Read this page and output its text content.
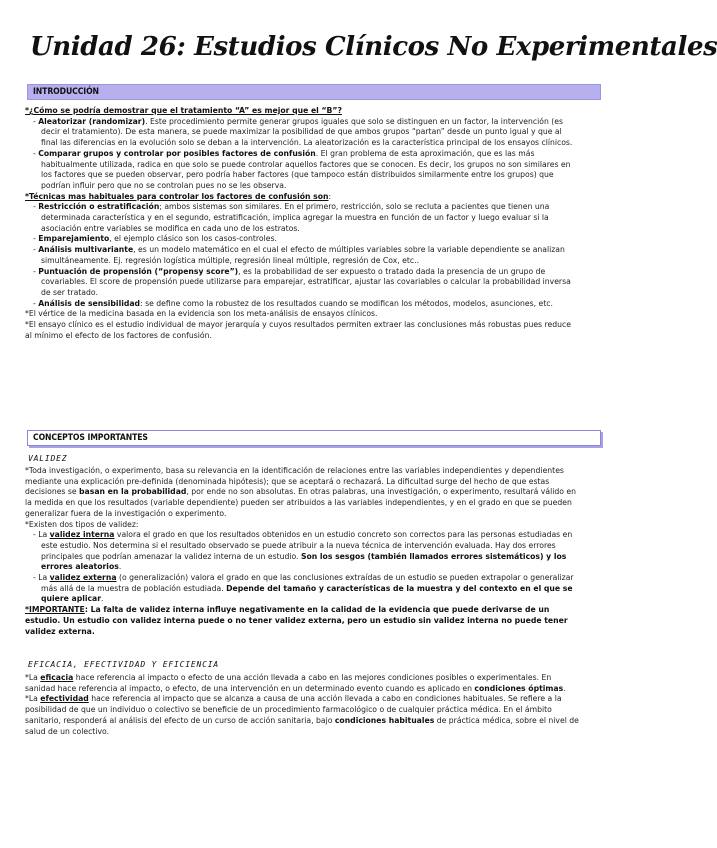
Unidad 26: Estudios Clínicos No Experimentales
INTRODUCCIÓN

*¿Cómo se podría demostrar que el tratamiento “A” es mejor que el “B”?

- Aleatorizar (randomizar). Este procedimiento permite generar grupos iguales que solo se distinguen en un factor, la intervención (es decir el tratamiento). De esta manera, se puede maximizar la posibilidad de que ambos grupos “partan” desde un punto igual y que al final las diferencias en la evolución solo se deban a la intervención. La aleatorización es la característica principal de los ensayos clínicos.

- Comparar grupos y controlar por posibles factores de confusión. El gran problema de esta aproximación, que es las más habitualmente utilizada, radica en que solo se puede controlar aquellos factores que se conocen. Es decir, los grupos no son similares en los factores que se pueden observar, pero podría haber factores (que tampoco están distribuidos similarmente entre los grupos) que podrían influir pero que no se controlan pues no se les observa.

*Técnicas mas habituales para controlar los factores de confusión son:

- Restricción o estratificación; ambos sistemas son similares. En el primero, restricción, solo se recluta a pacientes que tienen una determinada característica y en el segundo, estratificación, implica agregar la muestra en función de un factor y luego evaluar si la asociación entre variables se modifica en cada uno de los estratos.

- Emparejamiento, el ejemplo clásico son los casos-controles.

- Análisis multivariante, es un modelo matemático en el cual el efecto de múltiples variables sobre la variable dependiente se analizan simultáneamente. Ej. regresión logística múltiple, regresión lineal múltiple, regresión de Cox, etc..

- Puntuación de propensión (“propensy score”), es la probabilidad de ser expuesto o tratado dada la presencia de un grupo de covariables. El score de propensión puede utilizarse para emparejar, estratificar, ajustar las covariables o calcular la probabilidad inversa de ser tratado.

- Análisis de sensibilidad: se define como la robustez de los resultados cuando se modifican los métodos, modelos, asunciones, etc.

*El vértice de la medicina basada en la evidencia son los meta-análisis de ensayos clínicos.

*El ensayo clínico es el estudio individual de mayor jerarquía y cuyos resultados permiten extraer las conclusiones más robustas pues reduce al mínimo el efecto de los factores de confusión.

CONCEPTOS IMPORTANTES
VALIDEZ

*Toda investigación, o experimento, basa su relevancia en la identificación de relaciones entre las variables independientes y dependientes mediante una explicación pre-definida (denominada hipótesis); que se aceptará o rechazará. La dificultad surge del hecho de que estas decisiones se basan en la probabilidad, por ende no son absolutas. En otras palabras, una investigación, o experimento, resultará válido en la medida en que los resultados (variable dependiente) pueden ser atribuidos a las variables independientes, y en el grado en que se pueden generalizar fuera de la investigación o experimento.

*Existen dos tipos de validez:

- La validez interna valora el grado en que los resultados obtenidos en un estudio concreto son correctos para las personas estudiadas en este estudio. Nos determina si el resultado observado se puede atribuir a la nueva técnica de intervención evaluada. Hay dos errores principales que podrían amenazar la validez interna de un estudio. Son los sesgos (también llamados errores sistemáticos) y los errores aleatorios.

- La validez externa (o generalización) valora el grado en que las conclusiones extraídas de un estudio se pueden extrapolar o generalizar más allá de la muestra de población estudiada. Depende del tamaño y características de la muestra y del contexto en el que se quiere aplicar.

*IMPORTANTE: La falta de validez interna influye negativamente en la calidad de la evidencia que puede derivarse de un estudio. Un estudio con validez interna puede o no tener validez externa, pero un estudio sin validez interna no puede tener validez externa.

EFICACIA, EFECTIVIDAD Y EFICIENCIA

*La eficacia hace referencia al impacto o efecto de una acción llevada a cabo en las mejores condiciones posibles o experimentales. En sanidad hace referencia al impacto, o efecto, de una intervención en un determinado evento cuando es aplicado en condiciones óptimas.

*La efectividad hace referencia al impacto que se alcanza a causa de una acción llevada a cabo en condiciones habituales. Se refiere a la posibilidad de que un individuo o colectivo se beneficie de un procedimiento farmacológico o de cualquier práctica médica. En el ámbito sanitario, responderá al análisis del efecto de un curso de acción sanitaria, bajo condiciones habituales de práctica médica, sobre el nivel de salud de un colectivo.
